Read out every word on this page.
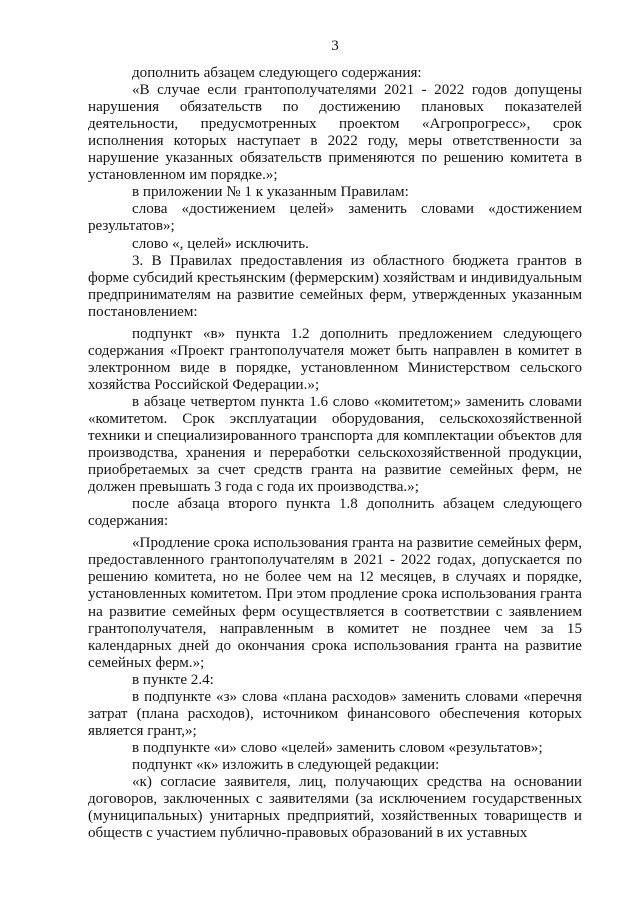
3

дополнить абзацем следующего содержания:

«В случае если грантополучателями 2021 - 2022 годов допущены нарушения обязательств по достижению плановых показателей деятельности, предусмотренных проектом «Агропрогресс», срок исполнения которых наступает в 2022 году, меры ответственности за нарушение указанных обязательств применяются по решению комитета в установленном им порядке.»;

в приложении № 1 к указанным Правилам:

слова «достижением целей» заменить словами «достижением результатов»;

слово «, целей» исключить.

3. В Правилах предоставления из областного бюджета грантов в форме субсидий крестьянским (фермерским) хозяйствам и индивидуальным предпринимателям на развитие семейных ферм, утвержденных указанным постановлением:

подпункт «в» пункта 1.2 дополнить предложением следующего содержания «Проект грантополучателя может быть направлен в комитет в электронном виде в порядке, установленном Министерством сельского хозяйства Российской Федерации.»;

в абзаце четвертом пункта 1.6 слово «комитетом;» заменить словами «комитетом. Срок эксплуатации оборудования, сельскохозяйственной техники и специализированного транспорта для комплектации объектов для производства, хранения и переработки сельскохозяйственной продукции, приобретаемых за счет средств гранта на развитие семейных ферм, не должен превышать 3 года с года их производства.»;

после абзаца второго пункта 1.8 дополнить абзацем следующего содержания:

«Продление срока использования гранта на развитие семейных ферм, предоставленного грантополучателям в 2021 - 2022 годах, допускается по решению комитета, но не более чем на 12 месяцев, в случаях и порядке, установленных комитетом. При этом продление срока использования гранта на развитие семейных ферм осуществляется в соответствии с заявлением грантополучателя, направленным в комитет не позднее чем за 15 календарных дней до окончания срока использования гранта на развитие семейных ферм.»;

в пункте 2.4:

в подпункте «з» слова «плана расходов» заменить словами «перечня затрат (плана расходов), источником финансового обеспечения которых является грант,»;

в подпункте «и» слово «целей» заменить словом «результатов»;

подпункт «к» изложить в следующей редакции:

«к) согласие заявителя, лиц, получающих средства на основании договоров, заключенных с заявителями (за исключением государственных (муниципальных) унитарных предприятий, хозяйственных товариществ и обществ с участием публично-правовых образований в их уставных
